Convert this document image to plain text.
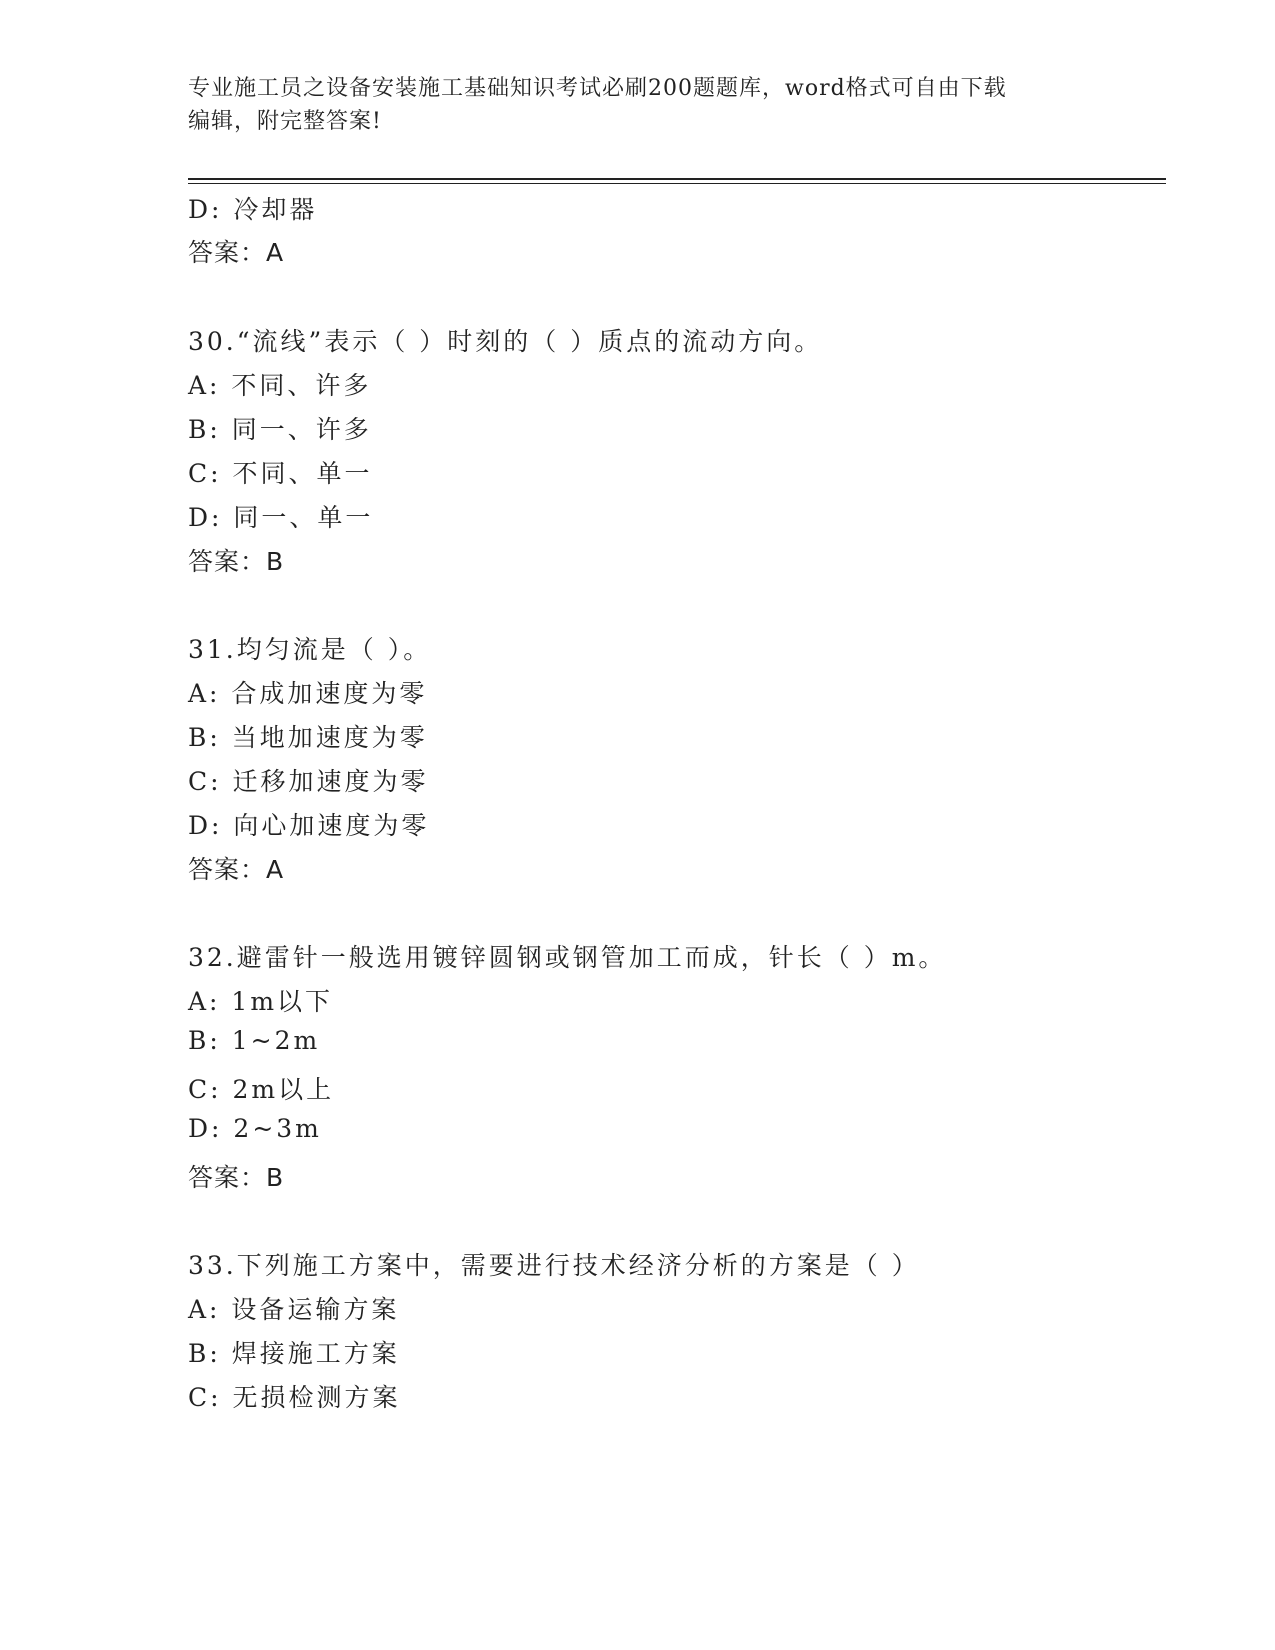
专业施工员之设备安装施工基础知识考试必刷200题题库，word格式可自由下载
编辑，附完整答案!
D: 冷却器
答案：A
30.“流线”表示（ ）时刻的（ ）质点的流动方向。
A: 不同、许多
B: 同一、许多
C: 不同、单一
D: 同一、单一
答案：B
31.均匀流是（ ）。
A: 合成加速度为零
B: 当地加速度为零
C: 迁移加速度为零
D: 向心加速度为零
答案：A
32.避雷针一般选用镀锌圆钢或钢管加工而成，针长（ ）m。
A: 1m以下
B: 1~2m
C: 2m以上
D: 2~3m
答案：B
33.下列施工方案中，需要进行技术经济分析的方案是（ ）
A: 设备运输方案
B: 焊接施工方案
C: 无损检测方案
